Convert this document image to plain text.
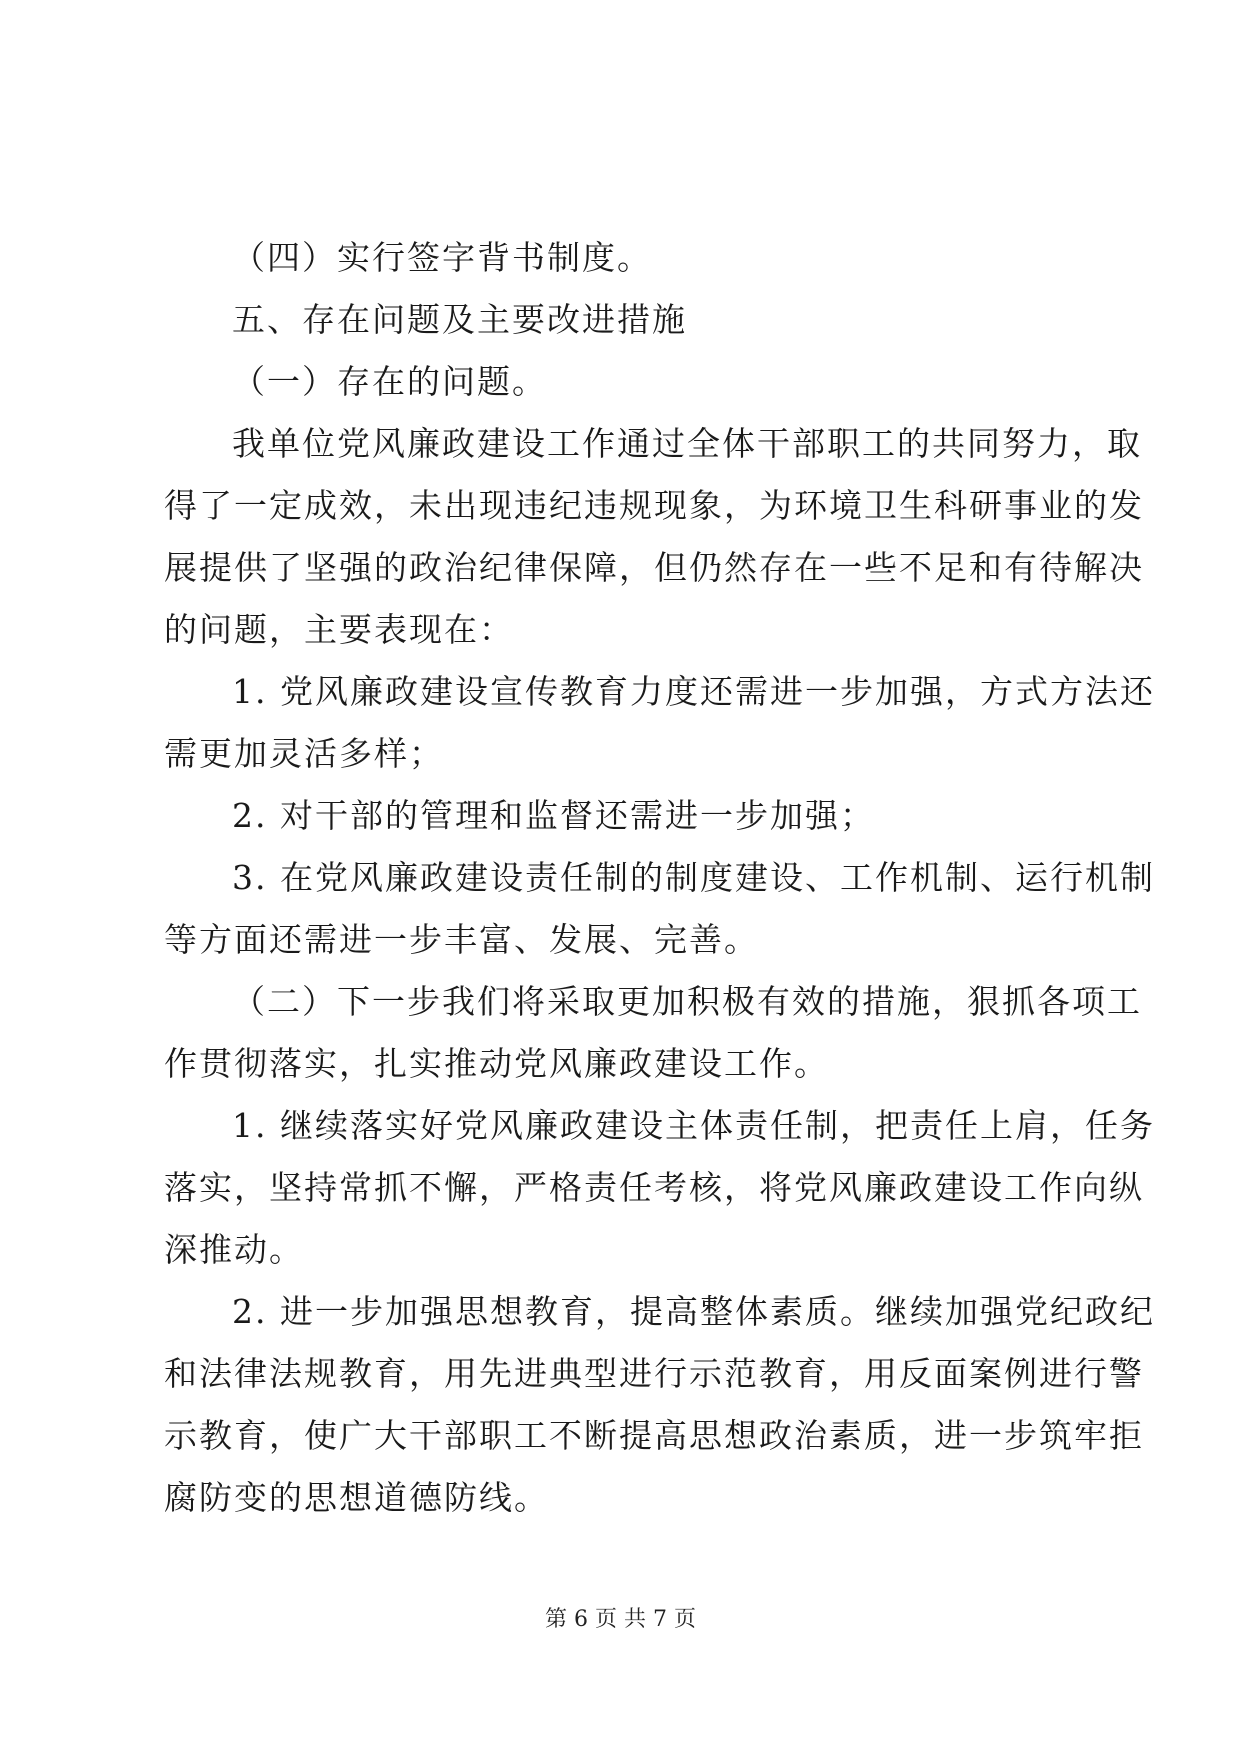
（四）实行签字背书制度。
五、存在问题及主要改进措施
（一）存在的问题。
我单位党风廉政建设工作通过全体干部职工的共同努力，取
得了一定成效，未出现违纪违规现象，为环境卫生科研事业的发
展提供了坚强的政治纪律保障，但仍然存在一些不足和有待解决
的问题，主要表现在：
1. 党风廉政建设宣传教育力度还需进一步加强，方式方法还
需更加灵活多样；
2. 对干部的管理和监督还需进一步加强；
3. 在党风廉政建设责任制的制度建设、工作机制、运行机制
等方面还需进一步丰富、发展、完善。
（二）下一步我们将采取更加积极有效的措施，狠抓各项工
作贯彻落实，扎实推动党风廉政建设工作。
1. 继续落实好党风廉政建设主体责任制，把责任上肩，任务
落实，坚持常抓不懈，严格责任考核，将党风廉政建设工作向纵
深推动。
2. 进一步加强思想教育，提高整体素质。继续加强党纪政纪
和法律法规教育，用先进典型进行示范教育，用反面案例进行警
示教育，使广大干部职工不断提高思想政治素质，进一步筑牢拒
腐防变的思想道德防线。
第 6 页 共 7 页
